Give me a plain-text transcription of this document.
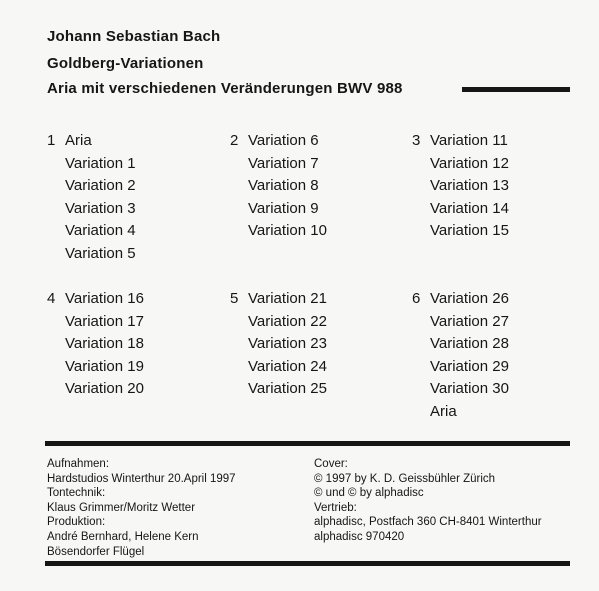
Johann Sebastian Bach
Goldberg-Variationen
Aria mit verschiedenen Veränderungen BWV 988
1 Aria
Variation 1
Variation 2
Variation 3
Variation 4
Variation 5
2 Variation 6
Variation 7
Variation 8
Variation 9
Variation 10
3 Variation 11
Variation 12
Variation 13
Variation 14
Variation 15
4 Variation 16
Variation 17
Variation 18
Variation 19
Variation 20
5 Variation 21
Variation 22
Variation 23
Variation 24
Variation 25
6 Variation 26
Variation 27
Variation 28
Variation 29
Variation 30
Aria
Aufnahmen:
Hardstudios Winterthur 20.April 1997
Tontechnik:
Klaus Grimmer/Moritz Wetter
Produktion:
André Bernhard, Helene Kern
Bösendorfer Flügel
Cover:
© 1997 by K. D. Geissbühler Zürich
© und © by alphadisc
Vertrieb:
alphadisc, Postfach 360 CH-8401 Winterthur
alphadisc 970420
